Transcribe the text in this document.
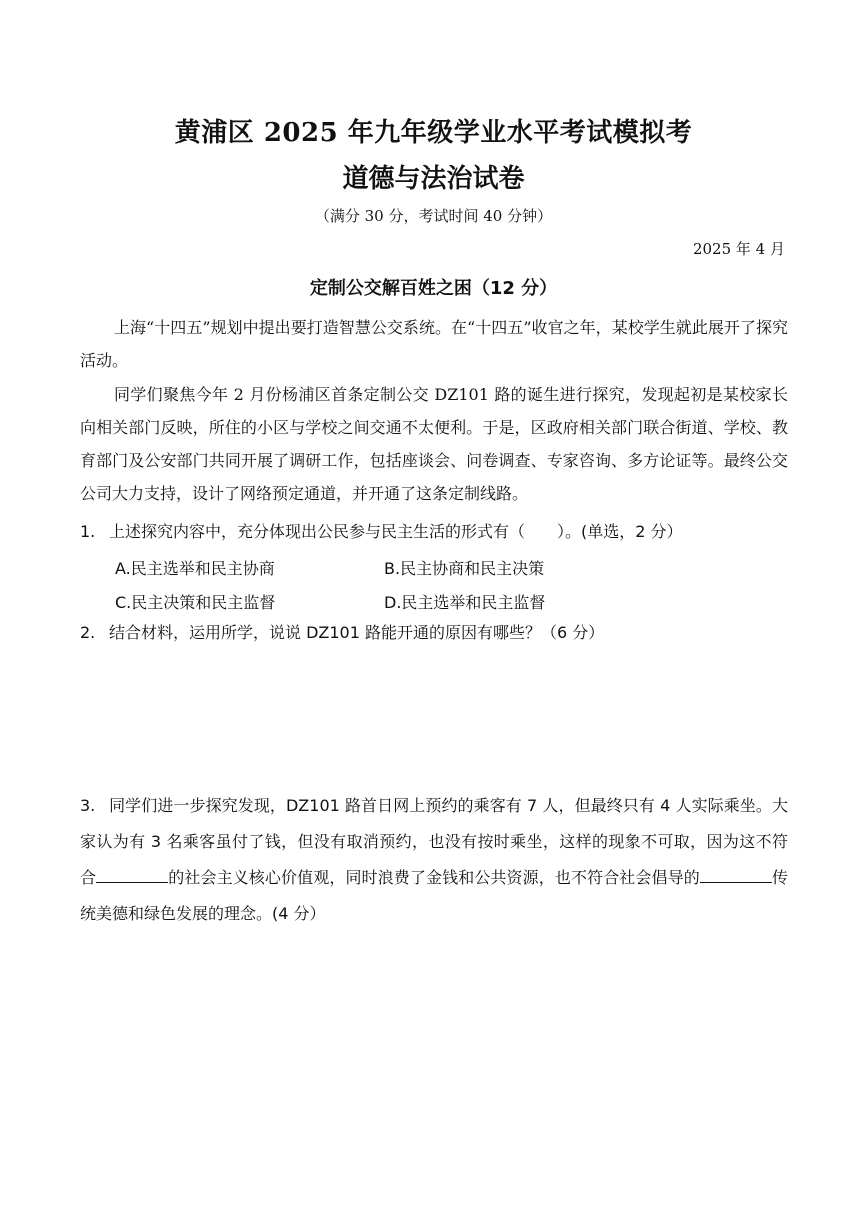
黄浦区 2025 年九年级学业水平考试模拟考
道德与法治试卷
（满分 30 分，考试时间 40 分钟）
2025 年 4 月
定制公交解百姓之困（12 分）
上海“十四五”规划中提出要打造智慧公交系统。在“十四五”收官之年，某校学生就此展开了探究活动。
同学们聚焦今年 2 月份杨浦区首条定制公交 DZ101 路的诞生进行探究，发现起初是某校家长向相关部门反映，所住的小区与学校之间交通不太便利。于是，区政府相关部门联合街道、学校、教育部门及公安部门共同开展了调研工作，包括座谈会、问卷调查、专家咨询、多方论证等。最终公交公司大力支持，设计了网络预定通道，并开通了这条定制线路。
1. 上述探究内容中，充分体现出公民参与民主生活的形式有（　　）。(单选，2 分）
A.民主选举和民主协商	B.民主协商和民主决策
C.民主决策和民主监督	D.民主选举和民主监督
2. 结合材料，运用所学，说说 DZ101 路能开通的原因有哪些？（6 分）
3. 同学们进一步探究发现，DZ101 路首日网上预约的乘客有 7 人，但最终只有 4 人实际乘坐。大家认为有 3 名乘客虽付了钱，但没有取消预约，也没有按时乘坐，这样的现象不可取，因为这不符合	的社会主义核心价值观，同时浪费了金钱和公共资源，也不符合社会倡导的	传统美德和绿色发展的理念。(4 分）
